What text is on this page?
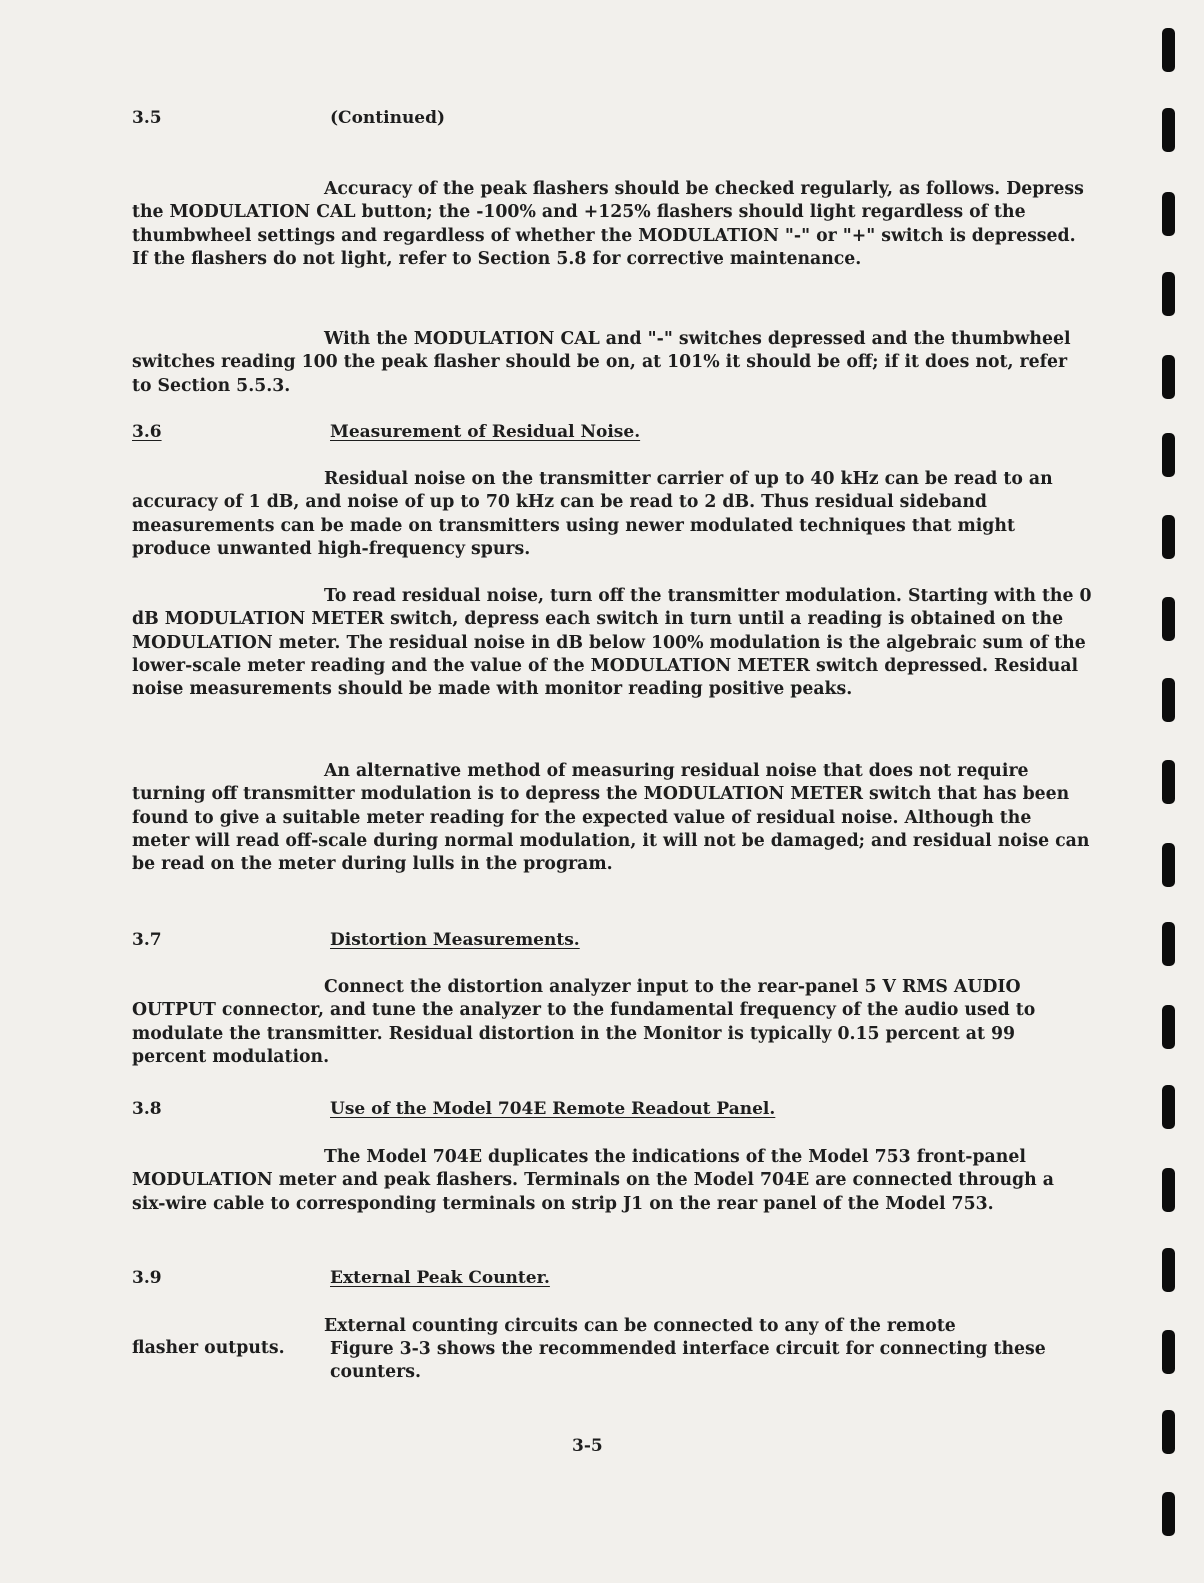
3.5	(Continued)

Accuracy of the peak flashers should be checked regularly, as follows. Depress the MODULATION CAL button; the -100% and +125% flashers should light regardless of the thumbwheel settings and regardless of whether the MODULATION "-" or "+" switch is depressed. If the flashers do not light, refer to Section 5.8 for corrective maintenance.

With the MODULATION CAL and "-" switches depressed and the thumbwheel switches reading 100 the peak flasher should be on, at 101% it should be off; if it does not, refer to Section 5.5.3.

3.6	Measurement of Residual Noise.

Residual noise on the transmitter carrier of up to 40 kHz can be read to an accuracy of 1 dB, and noise of up to 70 kHz can be read to 2 dB. Thus residual sideband measurements can be made on transmitters using newer modulated techniques that might produce unwanted high-frequency spurs.

To read residual noise, turn off the transmitter modulation. Starting with the 0 dB MODULATION METER switch, depress each switch in turn until a reading is obtained on the MODULATION meter. The residual noise in dB below 100% modulation is the algebraic sum of the lower-scale meter reading and the value of the MODULATION METER switch depressed. Residual noise measurements should be made with monitor reading positive peaks.

An alternative method of measuring residual noise that does not require turning off transmitter modulation is to depress the MODULATION METER switch that has been found to give a suitable meter reading for the expected value of residual noise. Although the meter will read off-scale during normal modulation, it will not be damaged; and residual noise can be read on the meter during lulls in the program.

3.7	Distortion Measurements.

Connect the distortion analyzer input to the rear-panel 5 V RMS AUDIO OUTPUT connector, and tune the analyzer to the fundamental frequency of the audio used to modulate the transmitter. Residual distortion in the Monitor is typically 0.15 percent at 99 percent modulation.

3.8	Use of the Model 704E Remote Readout Panel.

The Model 704E duplicates the indications of the Model 753 front-panel MODULATION meter and peak flashers. Terminals on the Model 704E are connected through a six-wire cable to corresponding terminals on strip J1 on the rear panel of the Model 753.

3.9	External Peak Counter.

External counting circuits can be connected to any of the remote

flasher outputs.	Figure 3-3 shows the recommended interface circuit for connecting these counters.

3-5
